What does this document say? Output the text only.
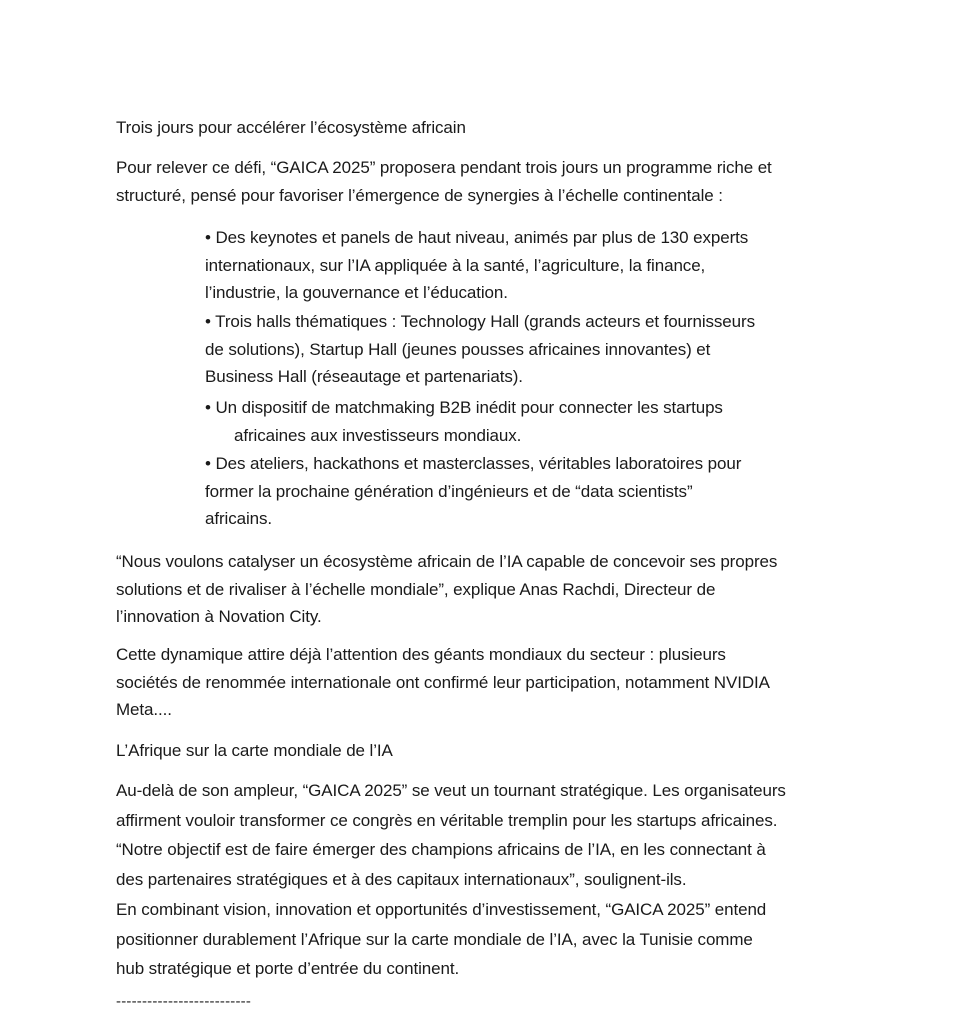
Trois jours pour accélérer l’écosystème africain
Pour relever ce défi, “GAICA 2025” proposera pendant trois jours un programme riche et
structuré, pensé pour favoriser l’émergence de synergies à l’échelle continentale :
• Des keynotes et panels de haut niveau, animés par plus de 130 experts
internationaux, sur l’IA appliquée à la santé, l’agriculture, la finance,
l’industrie, la gouvernance et l’éducation.
• Trois halls thématiques : Technology Hall (grands acteurs et fournisseurs
de solutions), Startup Hall (jeunes pousses africaines innovantes) et
Business Hall (réseautage et partenariats).
• Un dispositif de matchmaking B2B inédit pour connecter les startups
africaines aux investisseurs mondiaux.
• Des ateliers, hackathons et masterclasses, véritables laboratoires pour
former la prochaine génération d’ingénieurs et de “data scientists”
africains.
“Nous voulons catalyser un écosystème africain de l’IA capable de concevoir ses propres
solutions et de rivaliser à l’échelle mondiale”, explique Anas Rachdi, Directeur de
l’innovation à Novation City.
Cette dynamique attire déjà l’attention des géants mondiaux du secteur : plusieurs
sociétés de renommée internationale ont confirmé leur participation, notamment NVIDIA
Meta....
L’Afrique sur la carte mondiale de l’IA
Au-delà de son ampleur, “GAICA 2025” se veut un tournant stratégique. Les organisateurs
affirment vouloir transformer ce congrès en véritable tremplin pour les startups africaines.
“Notre objectif est de faire émerger des champions africains de l’IA, en les connectant à
des partenaires stratégiques et à des capitaux internationaux”, soulignent-ils.
En combinant vision, innovation et opportunités d’investissement, “GAICA 2025” entend
positionner durablement l’Afrique sur la carte mondiale de l’IA, avec la Tunisie comme
hub stratégique et porte d’entrée du continent.
--------------------------
